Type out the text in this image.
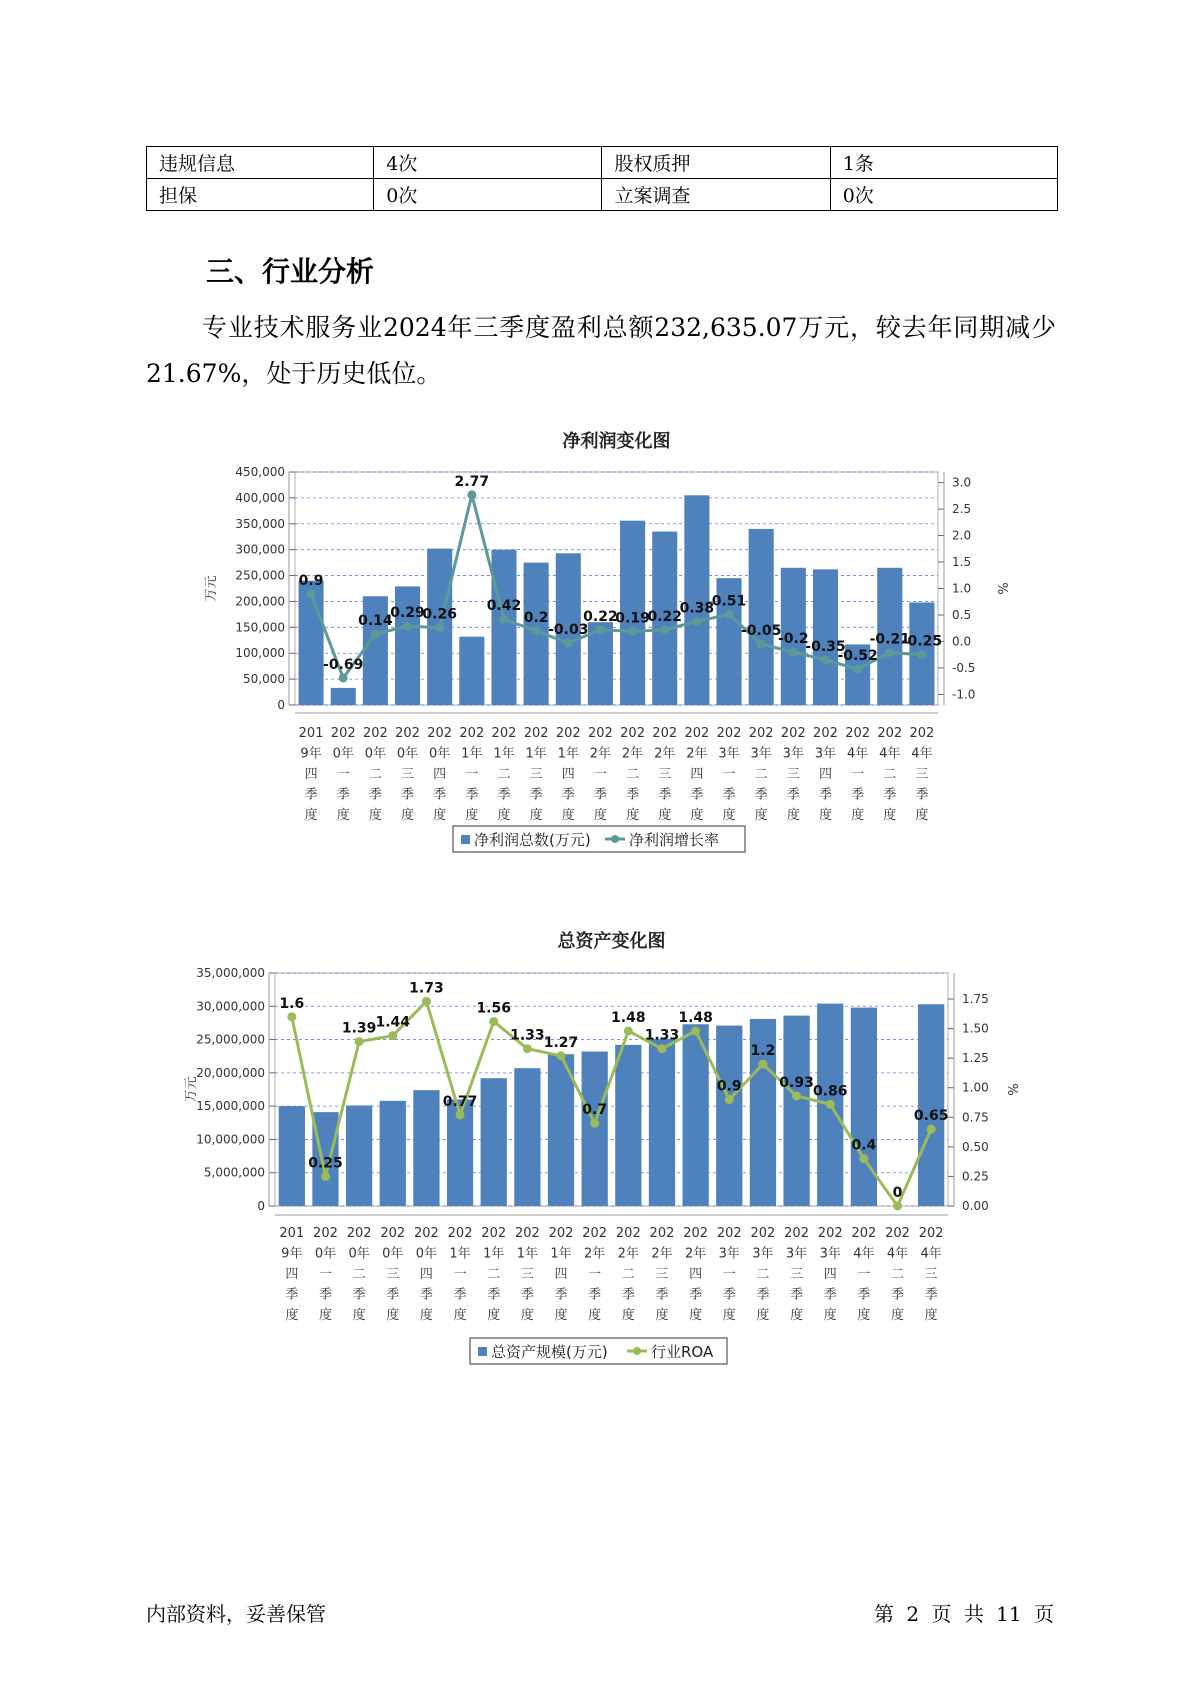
违规信息	4次	股权质押	1条
担保	0次	立案调查	0次
三、行业分析

专业技术服务业2024年三季度盈利总额232,635.07万元，较去年同期减少21.67%，处于历史低位。

净利润变化图
0
50,000
100,000
150,000
200,000
250,000
300,000
350,000
400,000
450,000
-1.0
-0.5
0.0
0.5
1.0
1.5
2.0
2.5
3.0
万元	%
0.9
-0.69
0.14
0.29
0.26
2.77
0.42
0.2
-0.03
0.22
0.19
0.22
0.38
0.51
-0.05
-0.2
-0.35
-0.52
-0.21
-0.25
201 9年四季度
202 0年一季度
202 0年二季度
202 0年三季度
202 0年四季度
202 1年一季度
202 1年二季度
202 1年三季度
202 1年四季度
202 2年一季度
202 2年二季度
202 2年三季度
202 2年四季度
202 3年一季度
202 3年二季度
202 3年三季度
202 3年四季度
202 4年一季度
202 4年二季度
202 4年三季度
净利润总数(万元)	净利润增长率
总资产变化图
0
5,000,000
10,000,000
15,000,000
20,000,000
25,000,000
30,000,000
35,000,000
0.00
0.25
0.50
0.75
1.00
1.25
1.50
1.75
万元	%
1.6
0.25
1.39 1.44
1.73
0.77
1.56
1.33 1.27
0.7
1.48
1.33
1.48
0.9
1.2
0.93
0.86
0.4
0
0.65
201 9年四季度
202 0年一季度
202 0年二季度
202 0年三季度
202 0年四季度
202 1年一季度
202 1年二季度
202 1年三季度
202 1年四季度
202 2年一季度
202 2年二季度
202 2年三季度
202 2年四季度
202 3年一季度
202 3年二季度
202 3年三季度
202 3年四季度
202 4年一季度
202 4年二季度
202 4年三季度
总资产规模(万元)	行业ROA
内部资料，妥善保管	第 2 页 共 11 页
